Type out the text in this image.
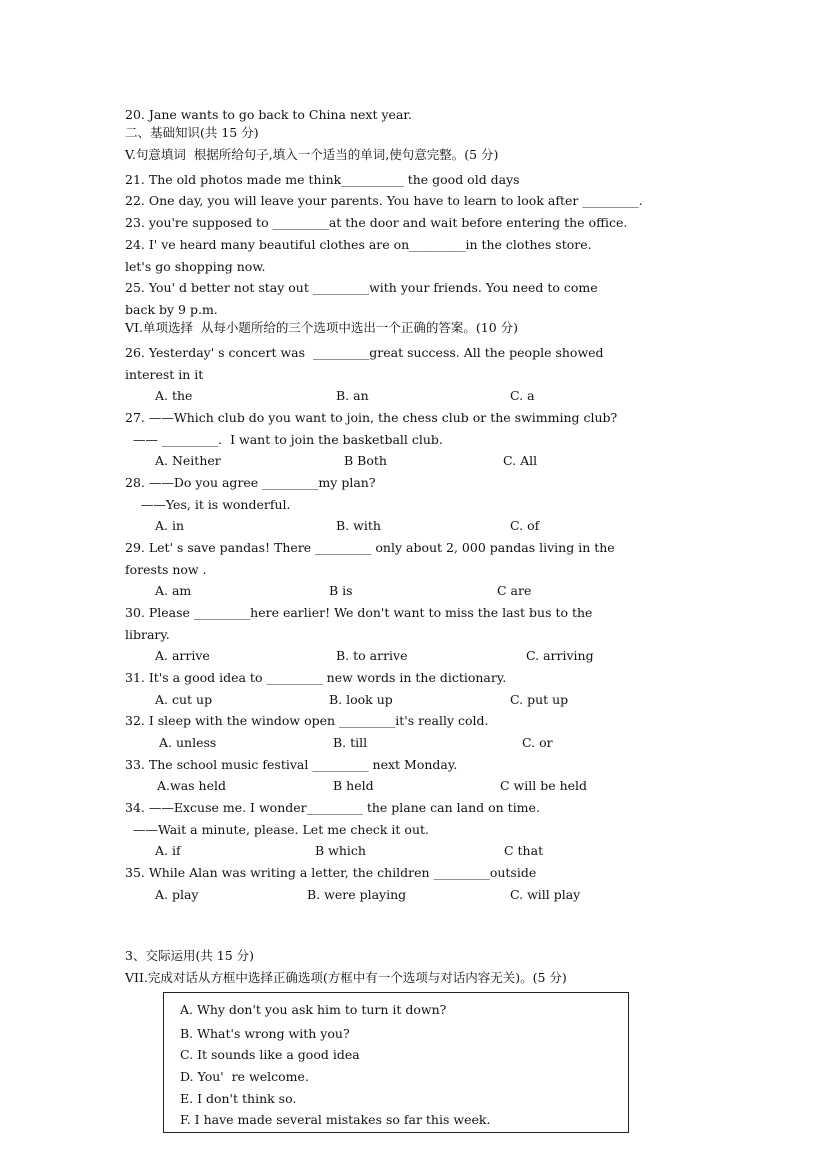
20. Jane wants to go back to China next year.
二、基础知识(共 15 分)
V.句意填词  根据所给句子,填入一个适当的单词,使句意完整。(5 分)
21. The old photos made me think__________ the good old days
22. One day, you will leave your parents. You have to learn to look after _________.
23. you're supposed to _________at the door and wait before entering the office.
24. I' ve heard many beautiful clothes are on_________in the clothes store.
let's go shopping now.
25. You' d better not stay out _________with your friends. You need to come
back by 9 p.m.
VI.单项选择  从每小题所给的三个选项中选出一个正确的答案。(10 分)
26. Yesterday' s concert was  _________great success. All the people showed
interest in it
27. ——Which club do you want to join, the chess club or the swimming club?
—— _________.  I want to join the basketball club.
28. ——Do you agree _________my plan?
——Yes, it is wonderful.
29. Let' s save pandas! There _________ only about 2, 000 pandas living in the
forests now .
30. Please _________here earlier! We don't want to miss the last bus to the
library.
31. It's a good idea to _________ new words in the dictionary.
32. I sleep with the window open _________it's really cold.
33. The school music festival _________ next Monday.
34. ——Excuse me. I wonder_________ the plane can land on time.
——Wait a minute, please. Let me check it out.
35. While Alan was writing a letter, the children _________outside
3、交际运用(共 15 分)
VII.完成对话从方框中选择正确选项(方框中有一个选项与对话内容无关)。(5 分)
A. the	B. an	C. a
A. Neither	B Both	C. All
A. in	B. with	C. of
A. am	B is	C are
A. arrive	B. to arrive	C. arriving
A. cut up	B. look up	C. put up
A. unless	B. till	C. or
A.was held	B held	C will be held
A. if	B which	C that
A. play	B. were playing	C. will play
A. Why don't you ask him to turn it down?
B. What's wrong with you?
C. It sounds like a good idea
D. You'  re welcome.
E. I don't think so.
F. I have made several mistakes so far this week.
